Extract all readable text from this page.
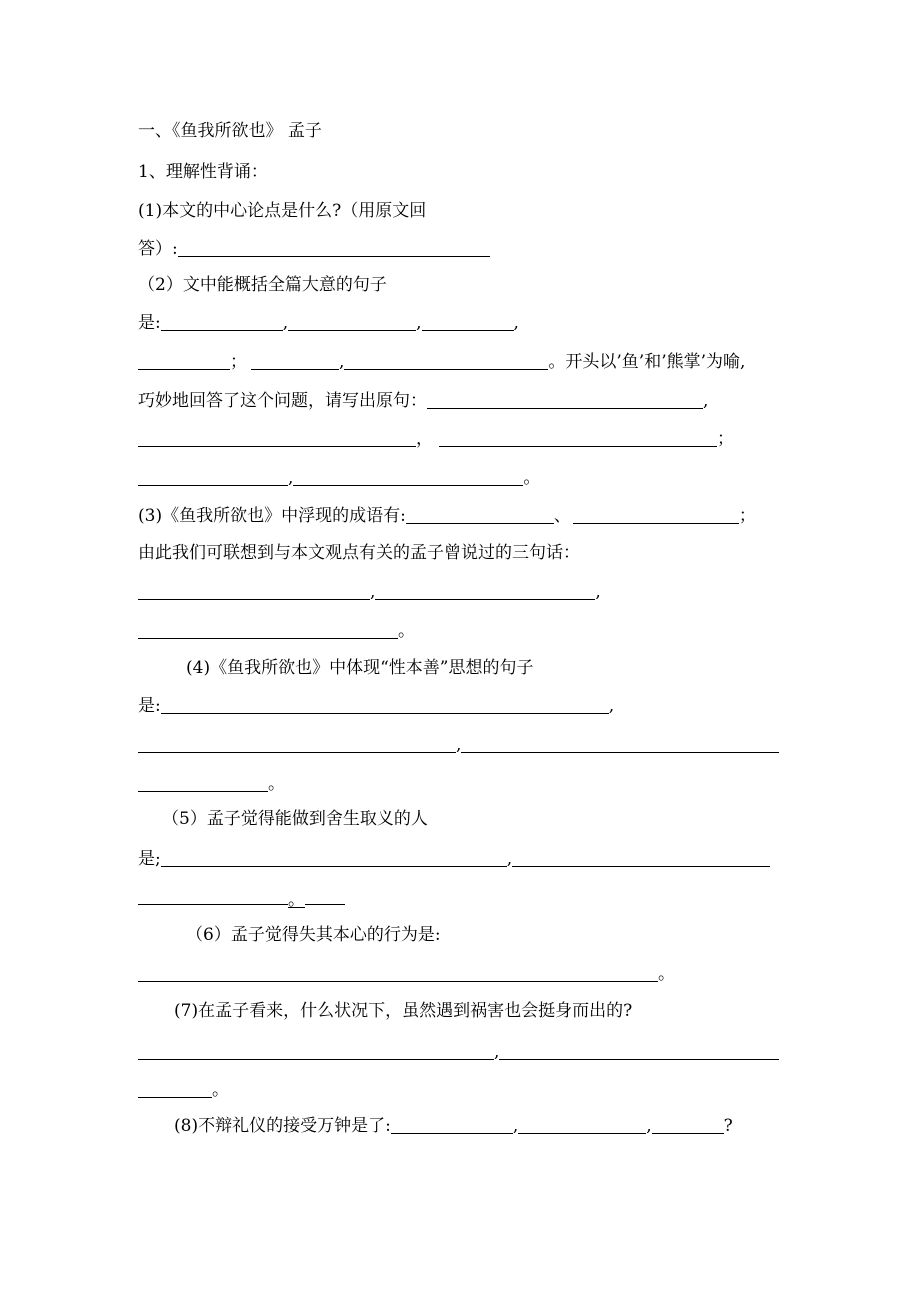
一、《鱼我所欲也》 孟子
1、理解性背诵：
(1)本文的中心论点是什么?（用原文回
答）:
（2）文中能概括全篇大意的句子
是:	,	,	,
；	,	。开头以’鱼’和’熊掌’为喻,
巧妙地回答了这个问题，请写出原句：	,
，	；
,	。
(3)《鱼我所欲也》中浮现的成语有:	、	；
由此我们可联想到与本文观点有关的孟子曾说过的三句话：
,	,
。
(4)《鱼我所欲也》中体现“性本善”思想的句子
是:	,
,
。
（5）孟子觉得能做到舍生取义的人
是;	,
。
（6）孟子觉得失其本心的行为是:
。
(7)在孟子看来，什么状况下，虽然遇到祸害也会挺身而出的?
,
。
(8)不辩礼仪的接受万钟是了:	,	,	?
